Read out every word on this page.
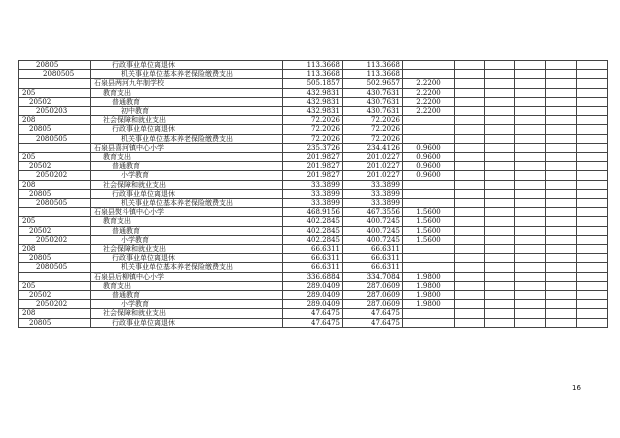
20805	行政事业单位离退休	113.3668	113.3668						
2080505	机关事业单位基本养老保险缴费支出	113.3668	113.3668						
	石泉县两河九年制学校	505.1857	502.9657	2.2200					
205	教育支出	432.9831	430.7631	2.2200					
20502	普通教育	432.9831	430.7631	2.2200					
2050203	初中教育	432.9831	430.7631	2.2200					
208	社会保障和就业支出	72.2026	72.2026						
20805	行政事业单位离退休	72.2026	72.2026						
2080505	机关事业单位基本养老保险缴费支出	72.2026	72.2026						
	石泉县喜河镇中心小学	235.3726	234.4126	0.9600					
205	教育支出	201.9827	201.0227	0.9600					
20502	普通教育	201.9827	201.0227	0.9600					
2050202	小学教育	201.9827	201.0227	0.9600					
208	社会保障和就业支出	33.3899	33.3899						
20805	行政事业单位离退休	33.3899	33.3899						
2080505	机关事业单位基本养老保险缴费支出	33.3899	33.3899						
	石泉县熨斗镇中心小学	468.9156	467.3556	1.5600					
205	教育支出	402.2845	400.7245	1.5600					
20502	普通教育	402.2845	400.7245	1.5600					
2050202	小学教育	402.2845	400.7245	1.5600					
208	社会保障和就业支出	66.6311	66.6311						
20805	行政事业单位离退休	66.6311	66.6311						
2080505	机关事业单位基本养老保险缴费支出	66.6311	66.6311						
	石泉县后柳镇中心小学	336.6884	334.7084	1.9800					
205	教育支出	289.0409	287.0609	1.9800					
20502	普通教育	289.0409	287.0609	1.9800					
2050202	小学教育	289.0409	287.0609	1.9800					
208	社会保障和就业支出	47.6475	47.6475						
20805	行政事业单位离退休	47.6475	47.6475						
16
